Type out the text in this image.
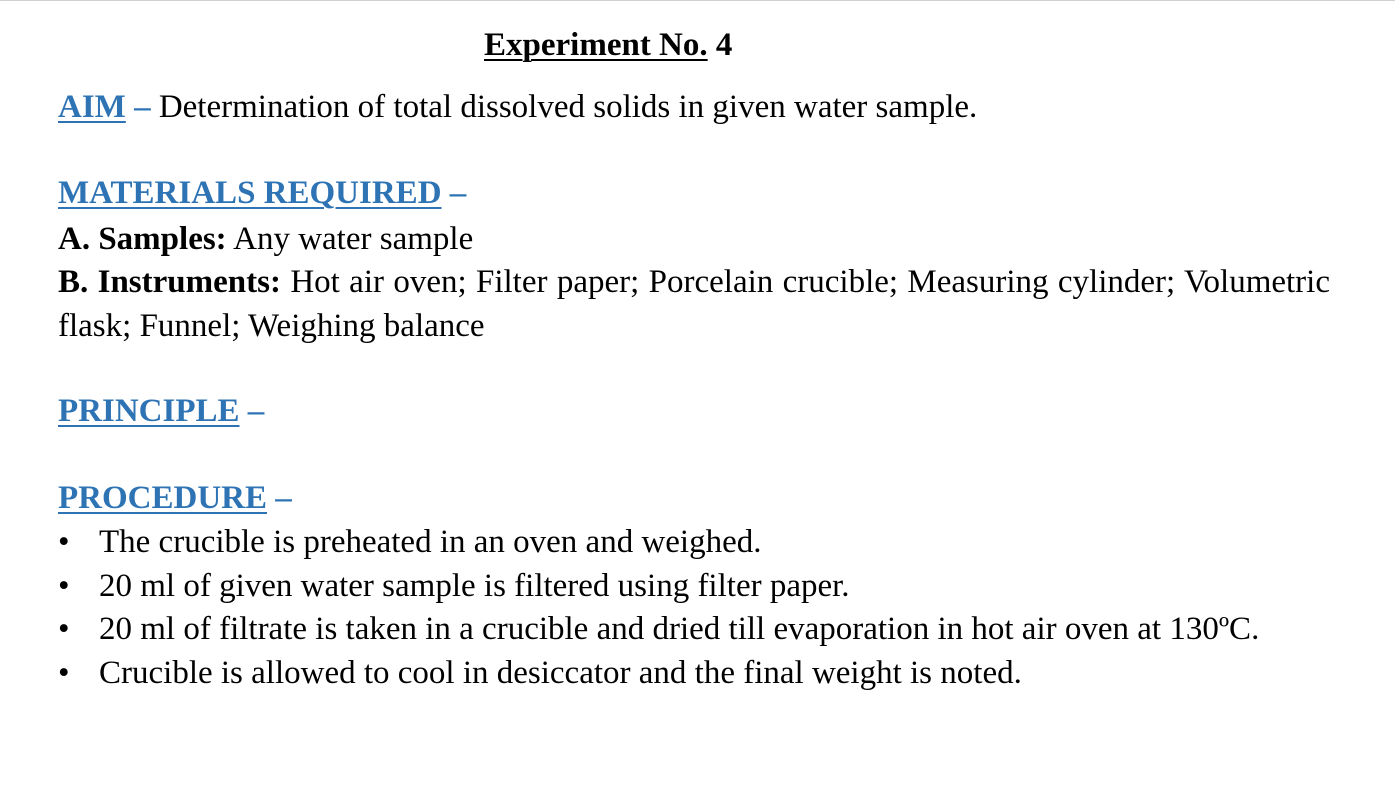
Experiment No. 4
AIM – Determination of total dissolved solids in given water sample.
MATERIALS REQUIRED –
A. Samples: Any water sample
B. Instruments: Hot air oven; Filter paper; Porcelain crucible; Measuring cylinder; Volumetric flask; Funnel; Weighing balance
PRINCIPLE –
PROCEDURE –
• The crucible is preheated in an oven and weighed.
• 20 ml of given water sample is filtered using filter paper.
• 20 ml of filtrate is taken in a crucible and dried till evaporation in hot air oven at 130ºC.
• Crucible is allowed to cool in desiccator and the final weight is noted.
